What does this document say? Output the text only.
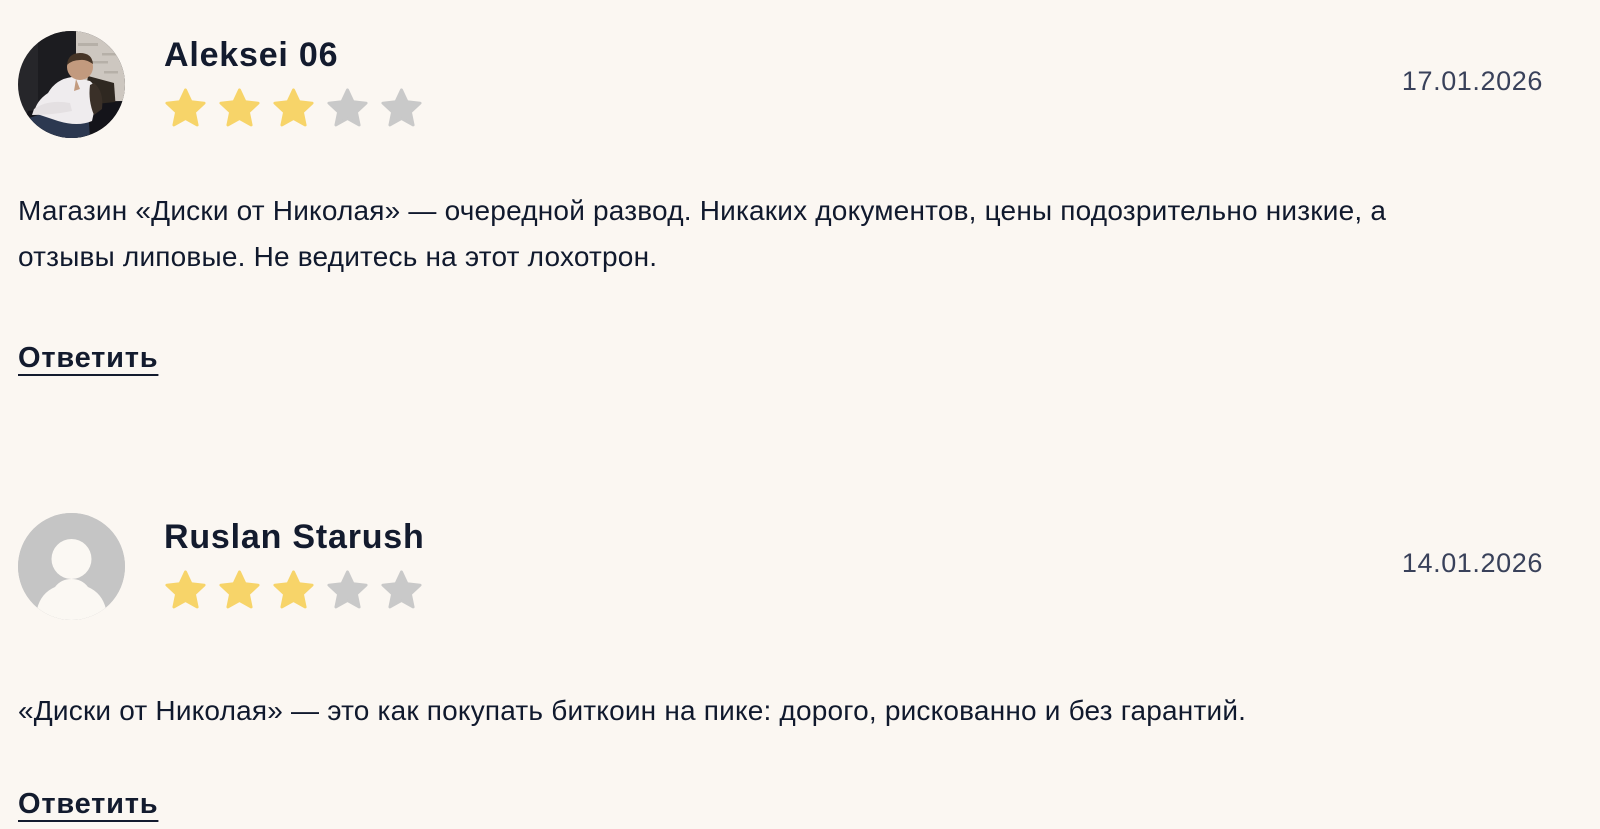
Aleksei 06
17.01.2026

Магазин «Диски от Николая» — очередной развод. Никаких документов, цены подозрительно низкие, а отзывы липовые. Не ведитесь на этот лохотрон.

Ответить
Ruslan Starush
14.01.2026

«Диски от Николая» — это как покупать биткоин на пике: дорого, рискованно и без гарантий.

Ответить
